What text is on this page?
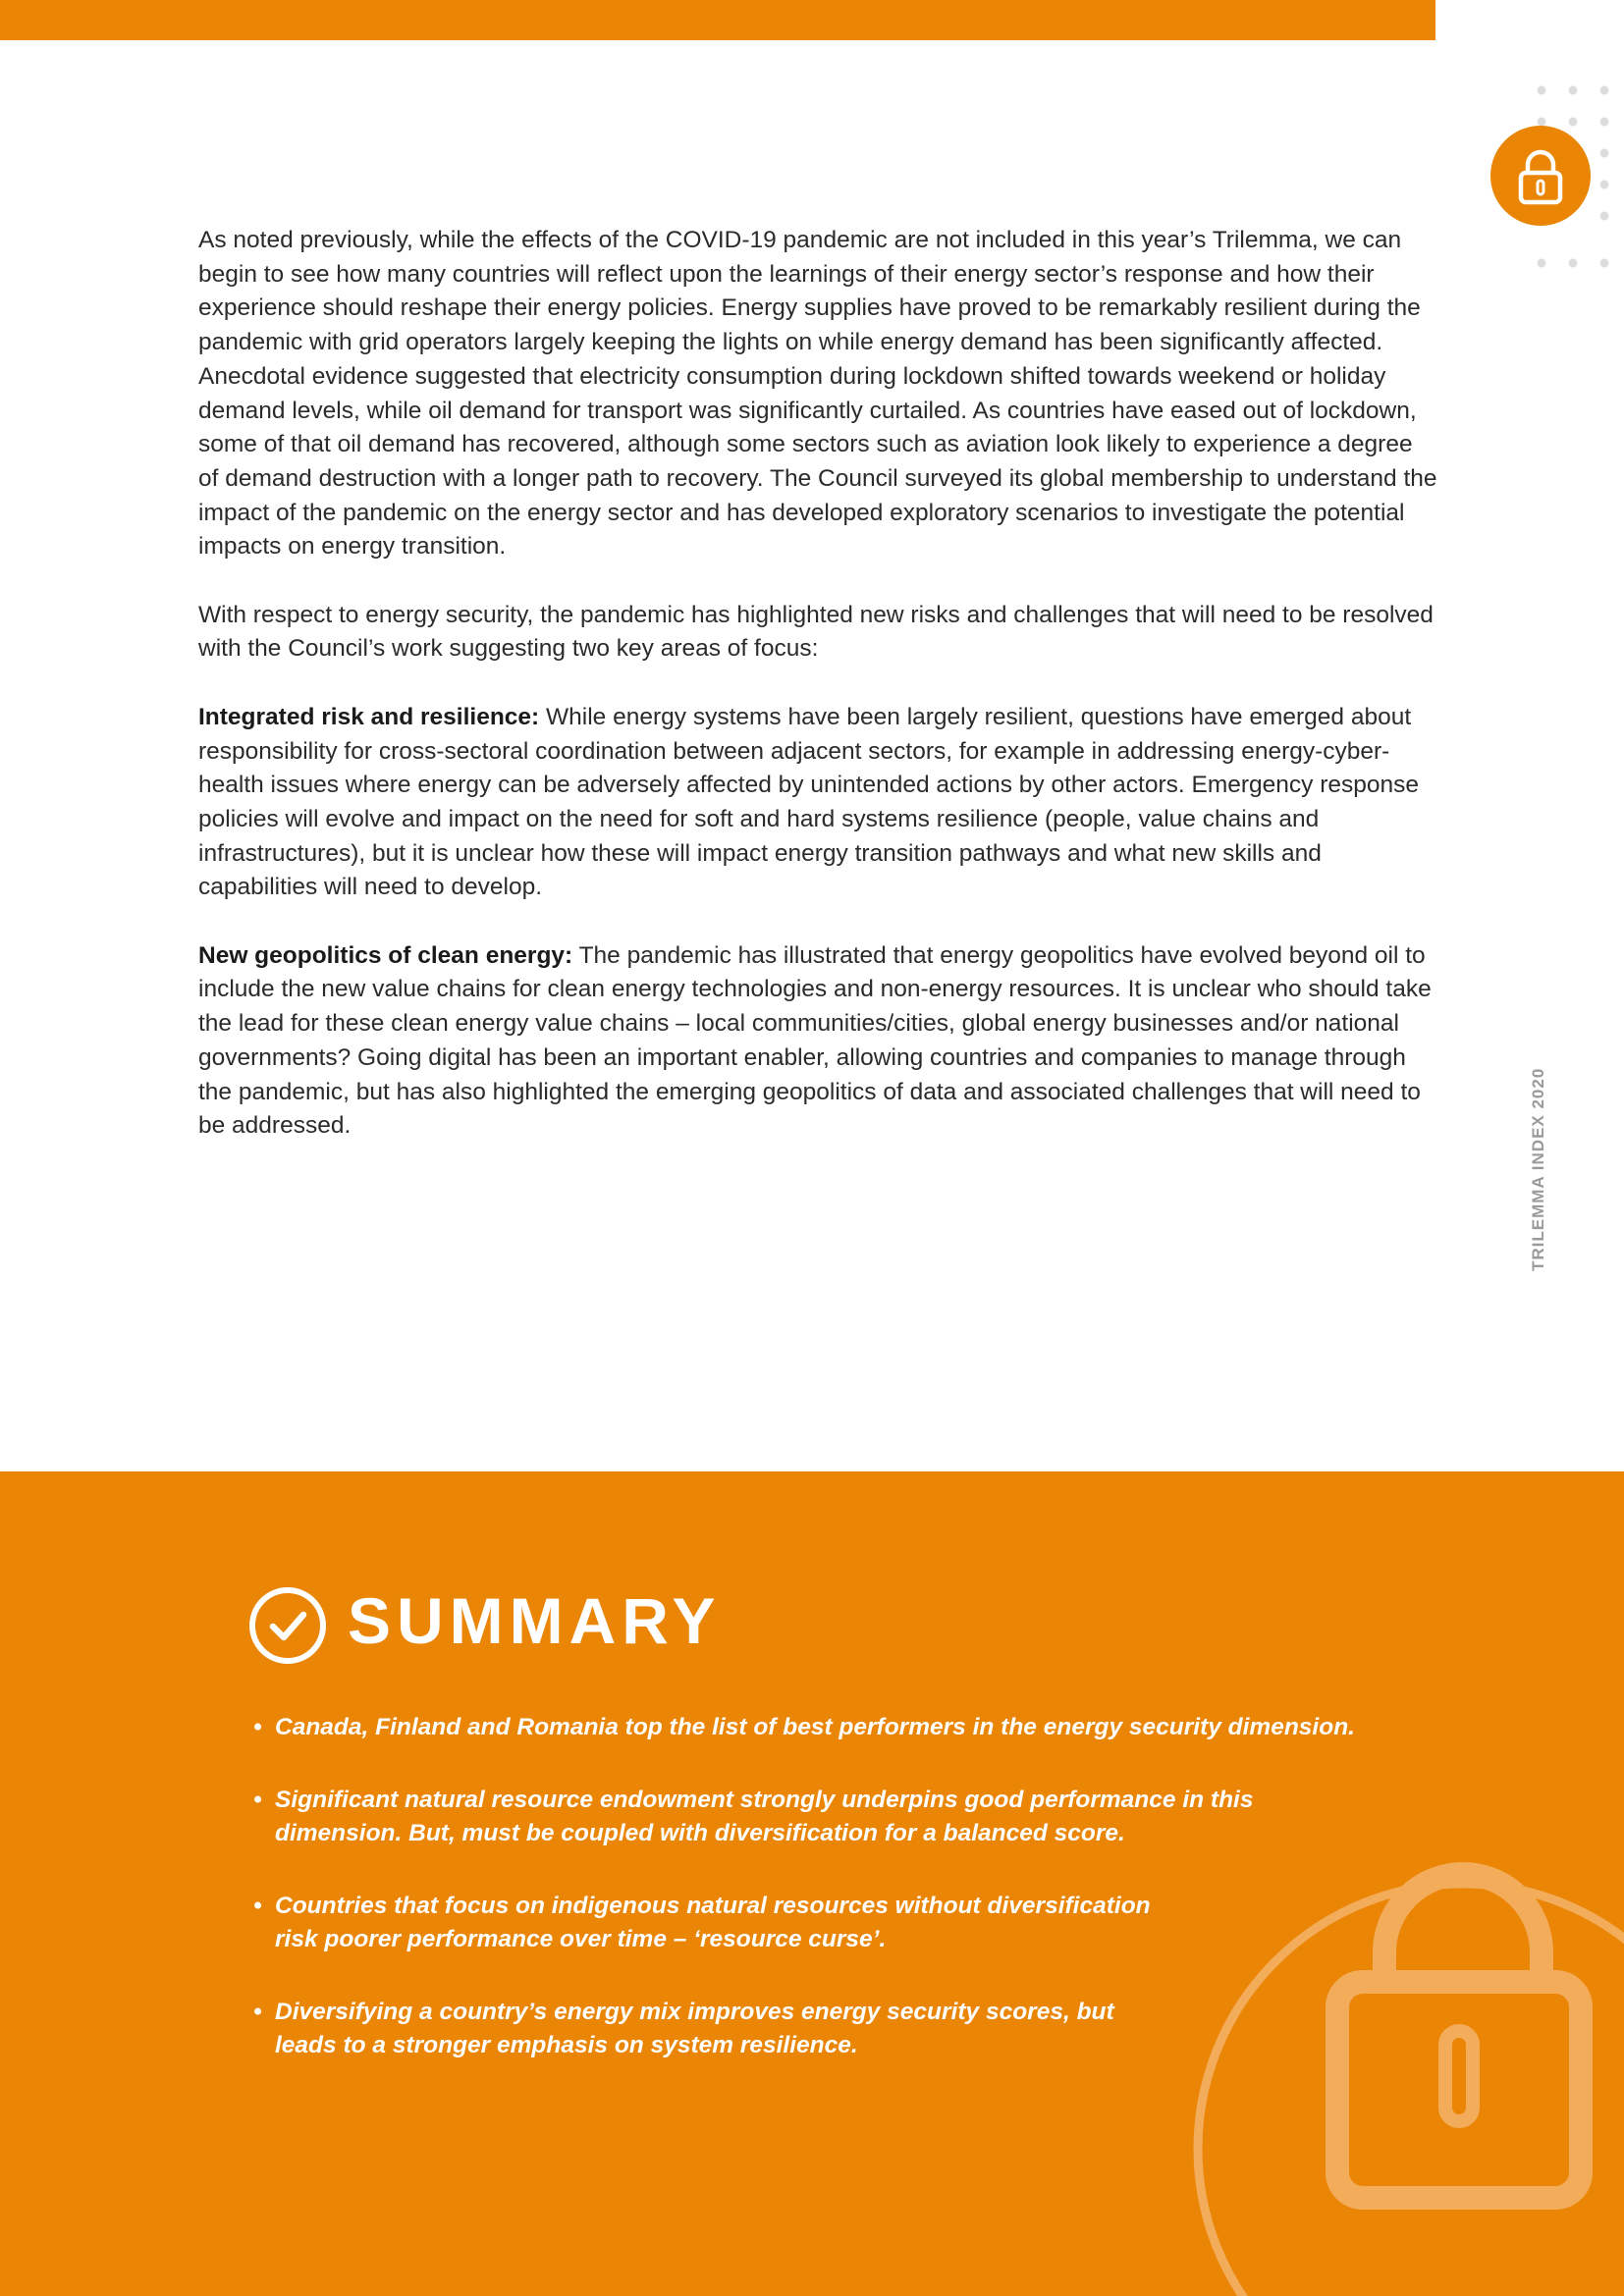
TRILEMMA INDEX 2020

As noted previously, while the effects of the COVID-19 pandemic are not included in this year’s Trilemma, we can begin to see how many countries will reflect upon the learnings of their energy sector’s response and how their experience should reshape their energy policies. Energy supplies have proved to be remarkably resilient during the pandemic with grid operators largely keeping the lights on while energy demand has been significantly affected. Anecdotal evidence suggested that electricity consumption during lockdown shifted towards weekend or holiday demand levels, while oil demand for transport was significantly curtailed. As countries have eased out of lockdown, some of that oil demand has recovered, although some sectors such as aviation look likely to experience a degree of demand destruction with a longer path to recovery. The Council surveyed its global membership to understand the impact of the pandemic on the energy sector and has developed exploratory scenarios to investigate the potential impacts on energy transition.

With respect to energy security, the pandemic has highlighted new risks and challenges that will need to be resolved with the Council’s work suggesting two key areas of focus:

Integrated risk and resilience: While energy systems have been largely resilient, questions have emerged about responsibility for cross-sectoral coordination between adjacent sectors, for example in addressing energy-cyber-health issues where energy can be adversely affected by unintended actions by other actors. Emergency response policies will evolve and impact on the need for soft and hard systems resilience (people, value chains and infrastructures), but it is unclear how these will impact energy transition pathways and what new skills and capabilities will need to develop.

New geopolitics of clean energy: The pandemic has illustrated that energy geopolitics have evolved beyond oil to include the new value chains for clean energy technologies and non-energy resources. It is unclear who should take the lead for these clean energy value chains – local communities/cities, global energy businesses and/or national governments? Going digital has been an important enabler, allowing countries and companies to manage through the pandemic, but has also highlighted the emerging geopolitics of data and associated challenges that will need to be addressed.

SUMMARY
• Canada, Finland and Romania top the list of best performers in the energy security dimension.
• Significant natural resource endowment strongly underpins good performance in this dimension. But, must be coupled with diversification for a balanced score.
• Countries that focus on indigenous natural resources without diversification risk poorer performance over time – ‘resource curse’.
• Diversifying a country’s energy mix improves energy security scores, but leads to a stronger emphasis on system resilience.
